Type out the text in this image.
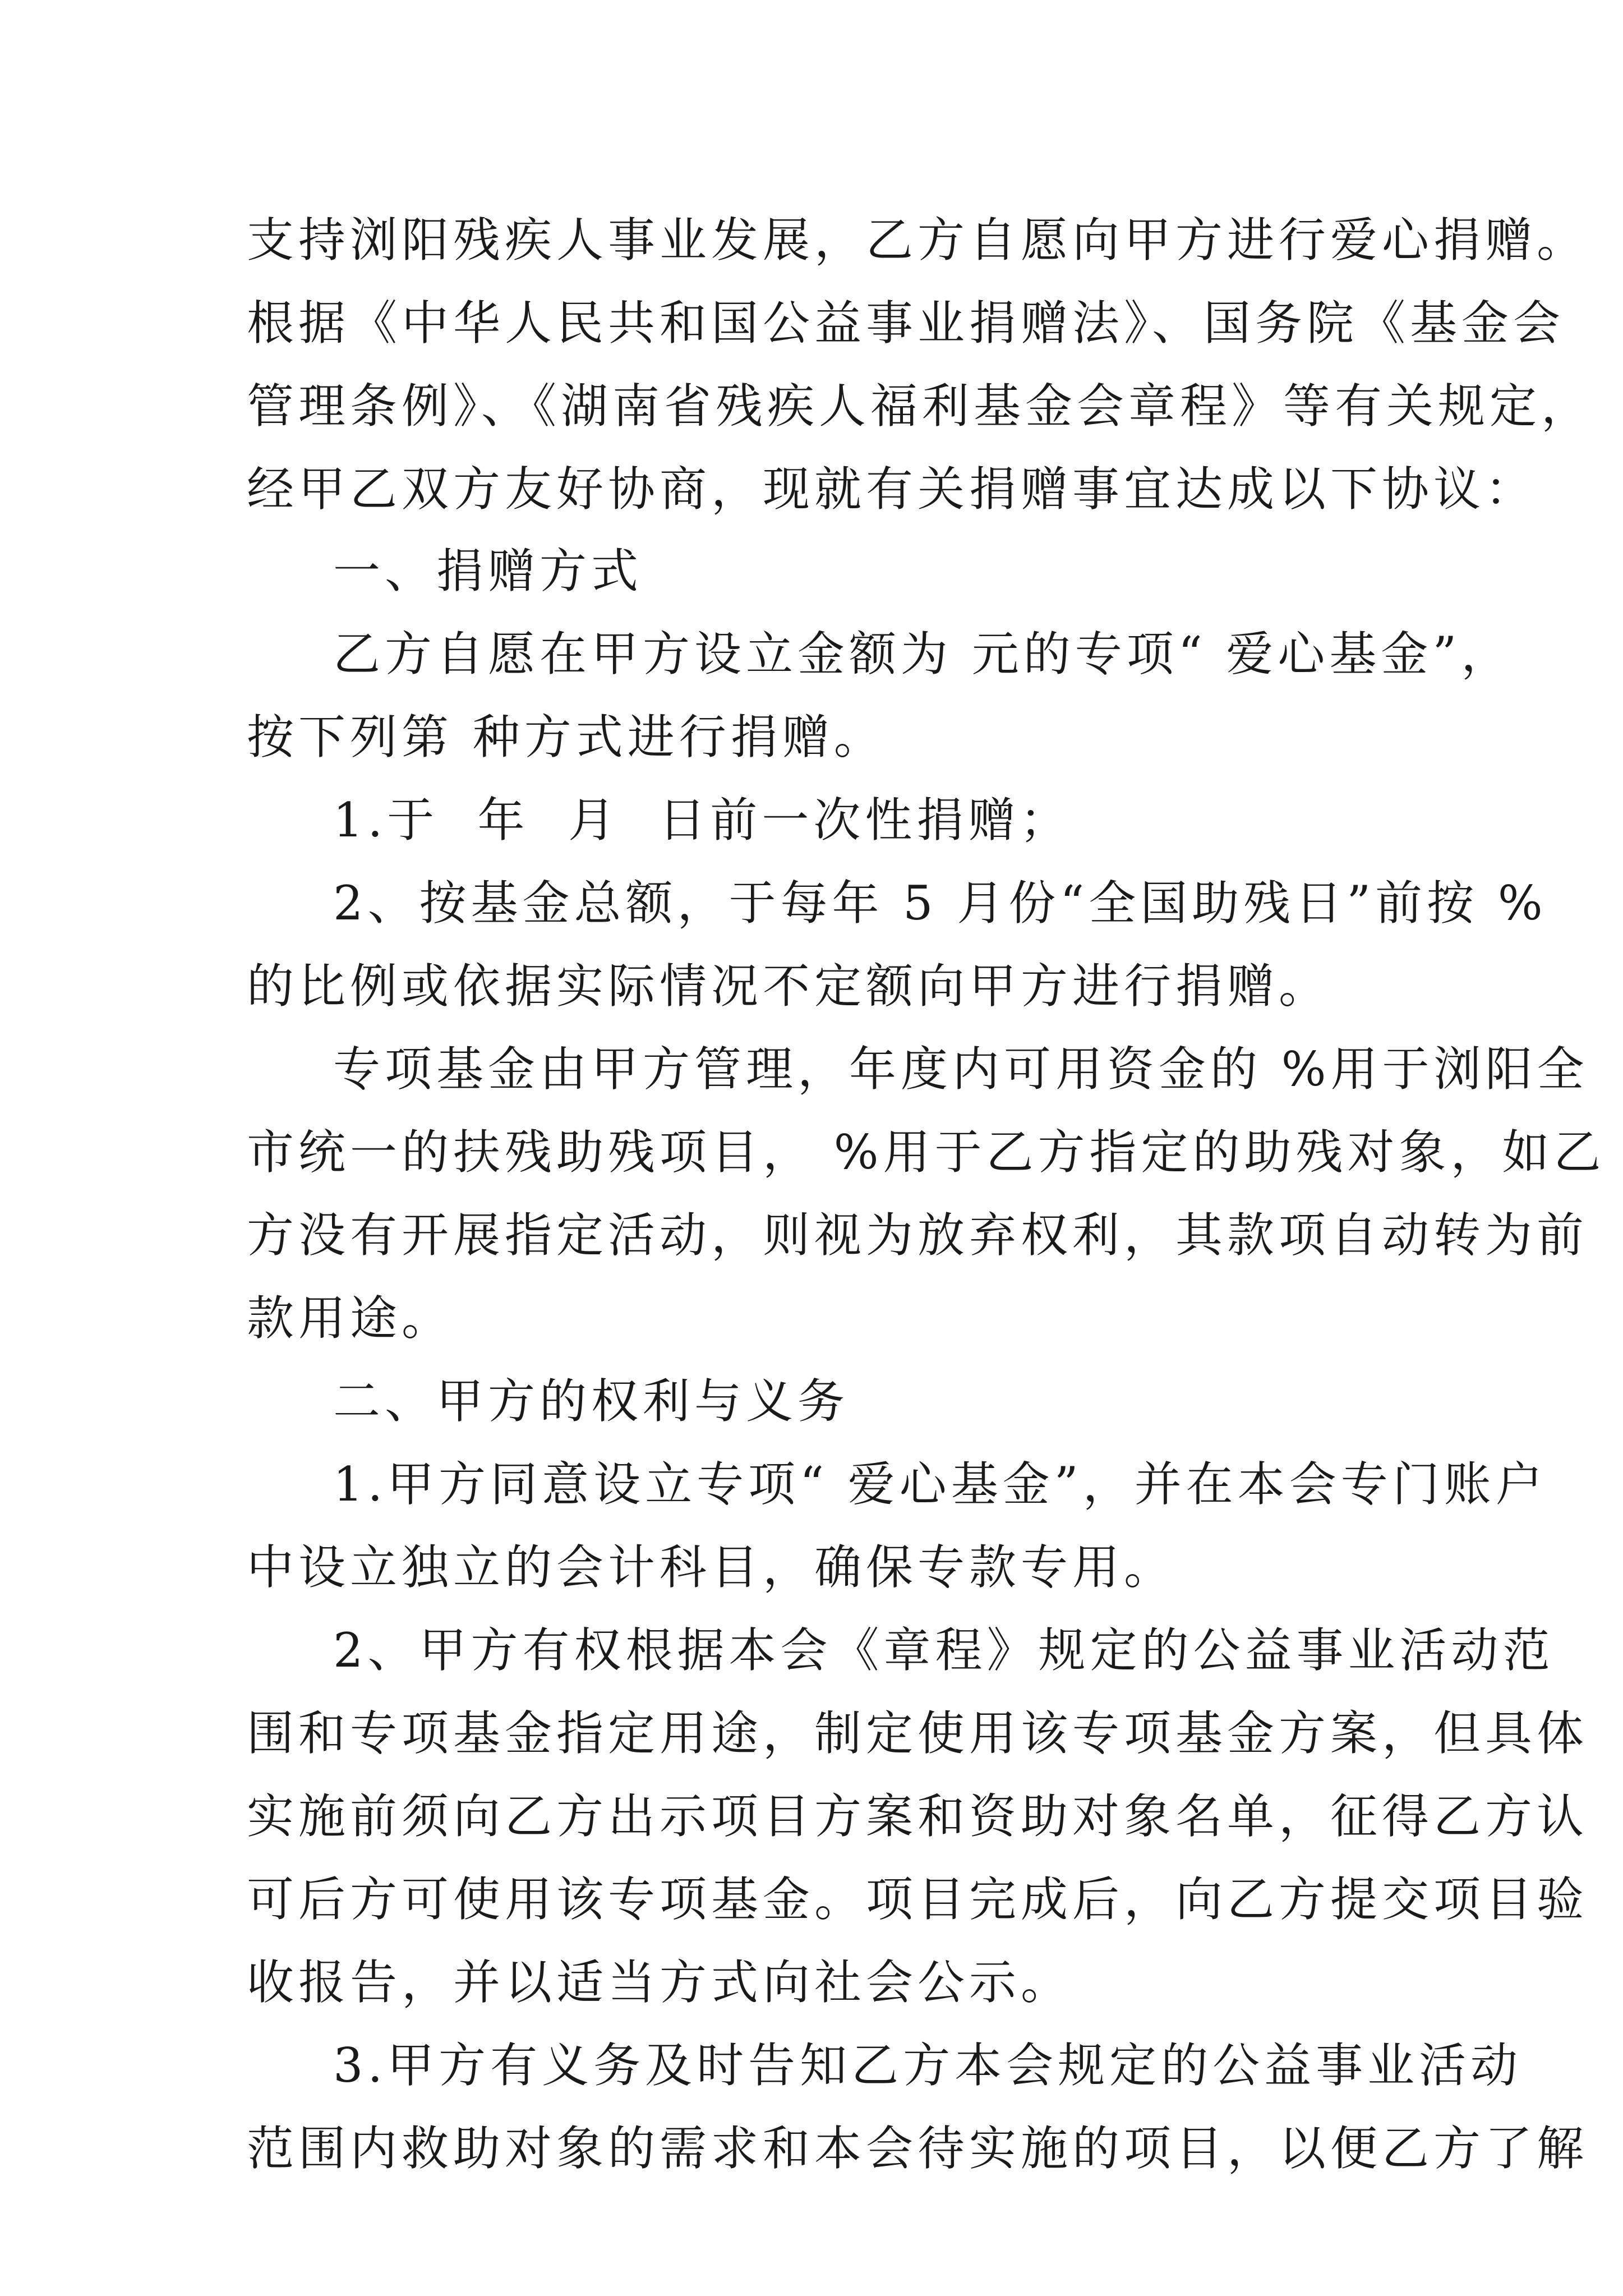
支持浏阳残疾人事业发展，乙方自愿向甲方进行爱心捐赠。
根据《中华人民共和国公益事业捐赠法》、国务院《基金会
管理条例》、《湖南省残疾人福利基金会章程》等有关规定，
经甲乙双方友好协商，现就有关捐赠事宜达成以下协议：
一、捐赠方式
乙方自愿在甲方设立金额为 元的专项“ 爱心基金”，
按下列第 种方式进行捐赠。
1.于  年  月  日前一次性捐赠；
2、按基金总额，于每年 5 月份“全国助残日”前按 %
的比例或依据实际情况不定额向甲方进行捐赠。
专项基金由甲方管理，年度内可用资金的 %用于浏阳全
市统一的扶残助残项目， %用于乙方指定的助残对象，如乙
方没有开展指定活动，则视为放弃权利，其款项自动转为前
款用途。
二、甲方的权利与义务
1.甲方同意设立专项“ 爱心基金”，并在本会专门账户
中设立独立的会计科目，确保专款专用。
2、甲方有权根据本会《章程》规定的公益事业活动范
围和专项基金指定用途，制定使用该专项基金方案，但具体
实施前须向乙方出示项目方案和资助对象名单，征得乙方认
可后方可使用该专项基金。项目完成后，向乙方提交项目验
收报告，并以适当方式向社会公示。
3.甲方有义务及时告知乙方本会规定的公益事业活动
范围内救助对象的需求和本会待实施的项目，以便乙方了解
